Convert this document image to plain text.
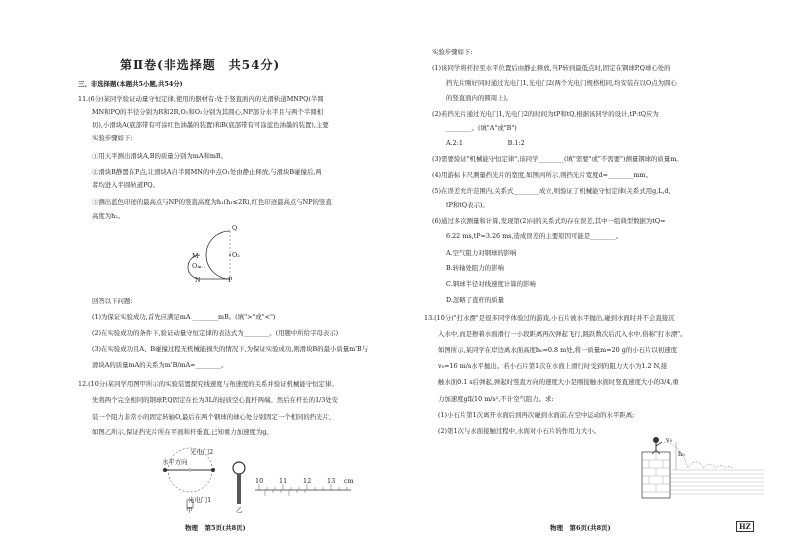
第Ⅱ卷(非选择题　共54分)
三、非选择题(本题共5小题,共54分)
11.(6分)某同学验证动量守恒定律,使用的器材有:处于竖直面内的光滑轨道MNPQ(半圆
MN和PQ的半径分别为R和2R,O₁和O₂分别为其圆心,NP部分水平且与两个半圆相
切),小滑块A(底部带有可涂红色油墨的装置)和B(底部带有可涂蓝色油墨的装置),主要
实验步骤如下:
①用天平测出滑块A,B的质量分别为mA和mB。
②滑块B静置在P点,让滑块A自半圆MN的中点O₁处由静止释放,与滑块B碰撞后,两
者均进入半圆轨道PQ。
③测出蓝色印迹的最高点与NP的竖直高度为h₁(h₁≤2R),红色印迹最高点与NP的竖直
高度为h₂。
M
O₁
N	P
Q
O₂
回答以下问题:
(1)为保证实验成功,首先应满足mA ________mB。(填">"或"<")
(2)在实验成功的条件下,验证动量守恒定律的表达式为________。(用题中所给字母表示)
(3)在实验成功且A、B碰撞过程无机械能损失的情况下,为保证实验成功,则滑块B的最小质量m'B与
滑块A的质量mA的关系为m'B/mA=________。
12.(10分)某同学用图甲所示的实验装置探究线速度与角速度的关系并验证机械能守恒定律。
先将两个完全相同的钢球P,Q固定在长为3L的轻质空心直杆两端。然后在杆长的1/3处安
装一个阻力非常小的固定转轴O,最后在两个钢球的球心处分别固定一个相同的挡光片,
如图乙所示,保证挡光片所在平面和杆垂直,已知重力加速度为g。
光电门2
水平方向
光电门1
甲	乙
10 11 12 13 cm
物理　第5页(共8页)
实验步骤如下:
(1)该同学将杆拉至水平位置后由静止释放,当P转到最低点时,固定在钢球P,Q球心处的
挡光片刚好同时通过光电门1,光电门2(两个光电门规格相同,均安装在以O点为圆心
的竖直面内的圆周上)。
(2)若挡光片通过光电门1,光电门2的时间为tP和tQ,根据该同学的设计,tP:tQ应为
________。(填"A"或"B")
A.2:1　　　　　　　B.1:2
(3)需要验证"机械能守恒定律",该同学________(填"需要"或"不需要")测量钢球的质量m。
(4)用游标卡尺测量挡光片的宽度,如图丙所示,则挡光片宽度d=________mm。
(5)在误差允许范围内,关系式________成立,则验证了机械能守恒定律(关系式用g,L,d,
tP和tQ表示)。
(6)通过多次测量和计算,发现第(2)问的关系式均存在误差,其中一组典型数据为tQ=
6.22 ms,tP=3.26 ms,造成误差的主要原因可能是________。
A.空气阻力对钢球的影响
B.转轴处阻力的影响
C.钢球半径对线速度计算的影响
D.忽略了直杆的质量
13.(10分)"打水漂"是很多同学体验过的游戏,小石片被水平抛出,碰到水面时并不会直接沉
入水中,而是擦着水面滑行一小段距离再次弹起飞行,跳跃数次后沉入水中,俗称"打水漂"。
如图所示,某同学在岸边离水面高度h₀=0.8 m处,将一质量m=20 g的小石片以初速度
v₀=16 m/s水平抛出。若小石片第1次在水面上滑行时受到的阻力大小为1.2 N,接
触水面0.1 s后弹起,弹起时竖直方向的速度大小是刚接触水面时竖直速度大小的3/4,重
力加速度g取10 m/s²,不计空气阻力。求:
(1)小石片第1次离开水面后到再次碰到水面前,在空中运动的水平距离;
(2)第1次与水面接触过程中,水面对小石片的作用力大小。
v₀
h₀
物理　第6页(共8页)	HZ
